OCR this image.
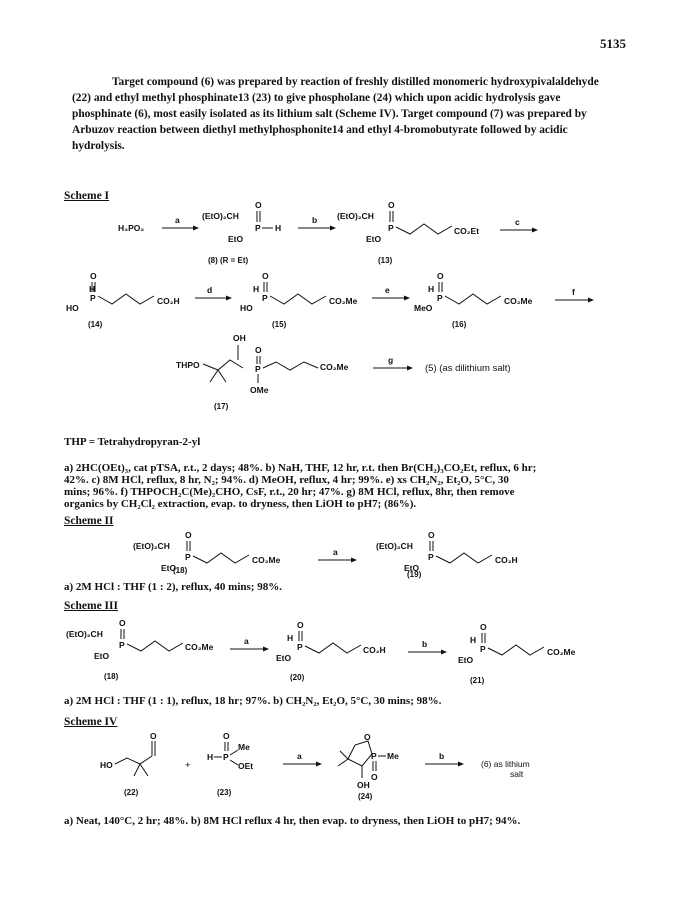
5135
Target compound (6) was prepared by reaction of freshly distilled monomeric hydroxypivalaldehyde
(22) and ethyl methyl phosphinate13 (23) to give phospholane (24) which upon acidic hydrolysis gave
phosphinate (6), most easily isolated as its lithium salt (Scheme IV). Target compound (7) was prepared by
Arbuzov reaction between diethyl methylphosphonite14 and ethyl 4-bromobutyrate followed by acidic
hydrolysis.
Scheme I
H₃PO₂
a	(EtO)₂CH
O
P H
EtO
(8) (R = Et)
b (EtO)₂CH
O
P	CO₂Et
EtO
(13)
c
H
O
P
HO
CO₂H
(14)
d	H
O
P
HO
CO₂Me
(15)
e	H
O
P
MeO
CO₂Me
(16)
f
OH
THPO
O
P
OMe
CO₂Me
(17)
g
(5) (as dilithium salt)
THP = Tetrahydropyran-2-yl
a) 2HC(OEt)₃, cat pTSA, r.t., 2 days; 48%. b) NaH, THF, 12 hr, r.t. then Br(CH₂)₃CO₂Et, reflux, 6 hr;
42%. c) 8M HCl, reflux, 8 hr, N₂; 94%. d) MeOH, reflux, 4 hr; 99%. e) xs CH₂N₂, Et₂O, 5°C, 30
mins; 96%. f) THPOCH₂C(Me)₂CHO, CsF, r.t., 20 hr; 47%. g) 8M HCl, reflux, 8hr, then remove
organics by CH₂Cl₂ extraction, evap. to dryness, then LiOH to pH7; (86%).
Scheme II
(EtO)₂CH
O
P	CO₂Me
EtO
a
(EtO)₂CH
O
P	CO₂H
EtO
(18)	(19)
a) 2M HCl : THF (1 : 2), reflux, 40 mins; 98%.
Scheme III
(EtO)₂CH
O
P	CO₂Me
EtO
(18)
a	H
O
P
EtO
CO₂H
(20)
b	H
O
P
EtO
CO₂Me
(21)
a) 2M HCl : THF (1 : 1), reflux, 18 hr; 97%. b) CH₂N₂, Et₂O, 5°C, 30 mins; 98%.
Scheme IV
HO
O
(22)
+
H
O
P
Me
OEt
(23)
a
O
P Me
O
OH
(24)
b
(6) as lithium
salt
a) Neat, 140°C, 2 hr; 48%. b) 8M HCl reflux 4 hr, then evap. to dryness, then LiOH to pH7; 94%.
